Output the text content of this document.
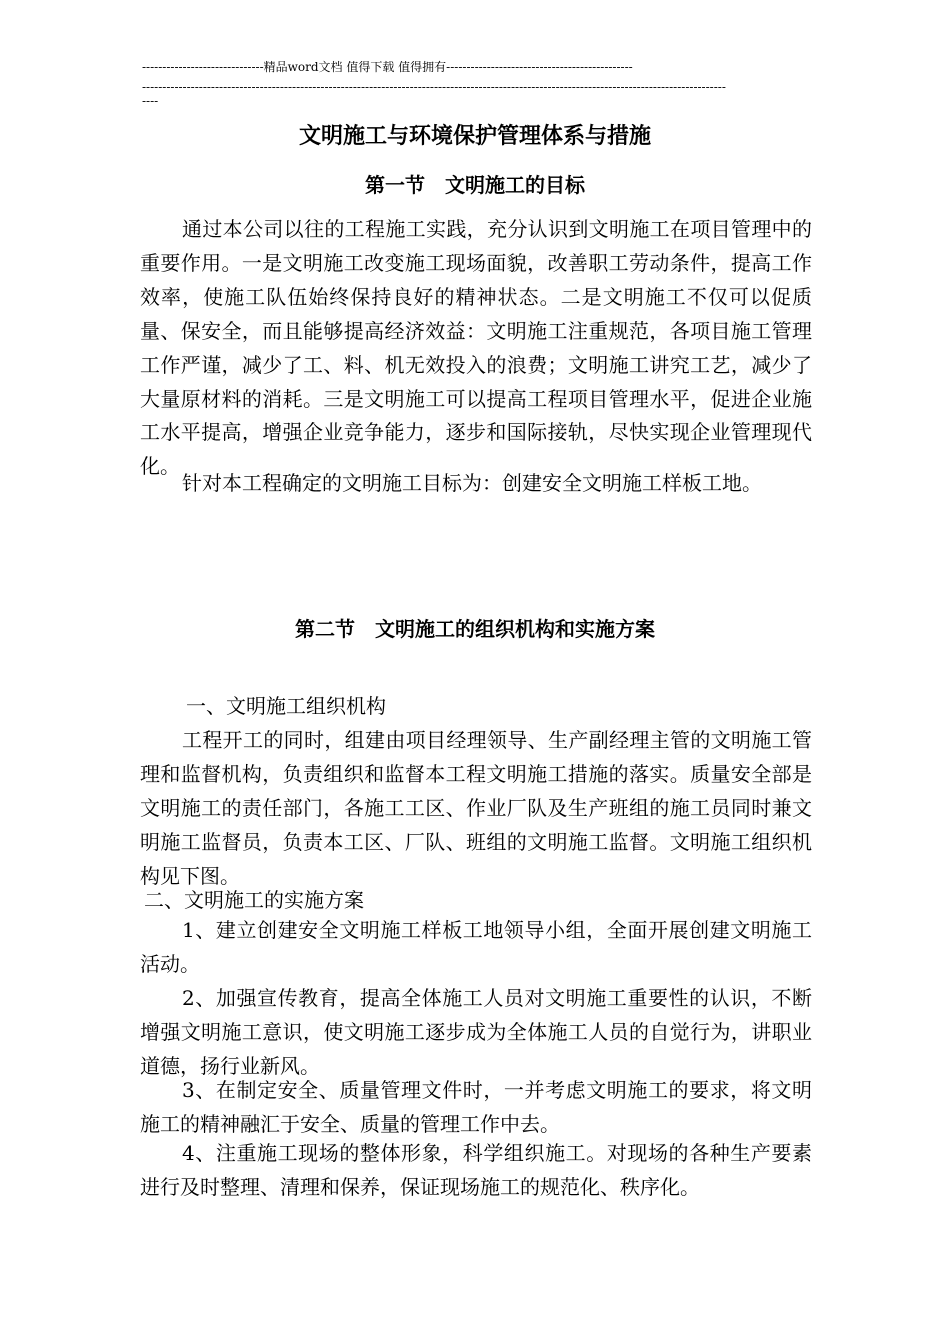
------------------------------精品word文档 值得下载 值得拥有----------------------------------------------
------------------------------------------------------------------------------------------------------------------------------------------------
----
文明施工与环境保护管理体系与措施
第一节　文明施工的目标
通过本公司以往的工程施工实践，充分认识到文明施工在项目管理中的重要作用。一是文明施工改变施工现场面貌，改善职工劳动条件，提高工作效率，使施工队伍始终保持良好的精神状态。二是文明施工不仅可以促质量、保安全，而且能够提高经济效益：文明施工注重规范，各项目施工管理工作严谨，减少了工、料、机无效投入的浪费；文明施工讲究工艺，减少了大量原材料的消耗。三是文明施工可以提高工程项目管理水平，促进企业施工水平提高，增强企业竞争能力，逐步和国际接轨，尽快实现企业管理现代化。
针对本工程确定的文明施工目标为：创建安全文明施工样板工地。
第二节　文明施工的组织机构和实施方案
一、文明施工组织机构
工程开工的同时，组建由项目经理领导、生产副经理主管的文明施工管理和监督机构，负责组织和监督本工程文明施工措施的落实。质量安全部是文明施工的责任部门，各施工工区、作业厂队及生产班组的施工员同时兼文明施工监督员，负责本工区、厂队、班组的文明施工监督。文明施工组织机构见下图。
二、文明施工的实施方案
1、建立创建安全文明施工样板工地领导小组，全面开展创建文明施工活动。
2、加强宣传教育，提高全体施工人员对文明施工重要性的认识，不断增强文明施工意识，使文明施工逐步成为全体施工人员的自觉行为，讲职业道德，扬行业新风。
3、在制定安全、质量管理文件时，一并考虑文明施工的要求，将文明施工的精神融汇于安全、质量的管理工作中去。
4、注重施工现场的整体形象，科学组织施工。对现场的各种生产要素进行及时整理、清理和保养，保证现场施工的规范化、秩序化。
